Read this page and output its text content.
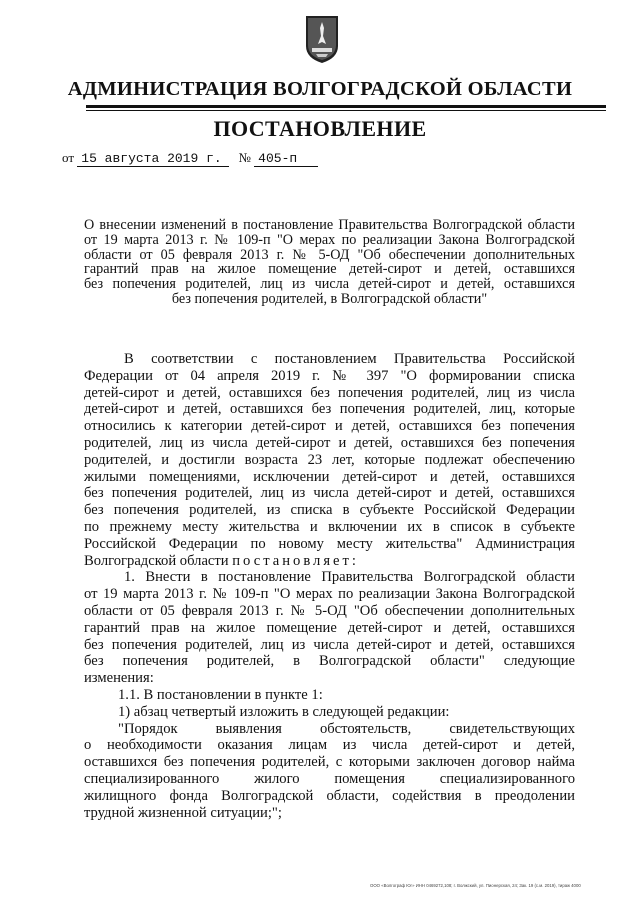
АДМИНИСТРАЦИЯ ВОЛГОГРАДСКОЙ ОБЛАСТИ
ПОСТАНОВЛЕНИЕ
от 15 августа 2019 г. № 405-п
О внесении изменений в постановление Правительства Волгоградской области
от 19 марта 2013 г. № 109-п "О мерах по реализации Закона Волгоградской
области от 05 февраля 2013 г. № 5-ОД "Об обеспечении дополнительных
гарантий прав на жилое помещение детей-сирот и детей, оставшихся
без попечения родителей, лиц из числа детей-сирот и детей, оставшихся
без попечения родителей, в Волгоградской области"
В соответствии с постановлением Правительства Российской
Федерации от 04 апреля 2019 г. № 397 "О формировании списка
детей-сирот и детей, оставшихся без попечения родителей, лиц из числа
детей-сирот и детей, оставшихся без попечения родителей, лиц, которые
относились к категории детей-сирот и детей, оставшихся без попечения
родителей, лиц из числа детей-сирот и детей, оставшихся без попечения
родителей, и достигли возраста 23 лет, которые подлежат обеспечению
жилыми помещениями, исключении детей-сирот и детей, оставшихся
без попечения родителей, лиц из числа детей-сирот и детей, оставшихся
без попечения родителей, из списка в субъекте Российской Федерации
по прежнему месту жительства и включении их в список в субъекте
Российской Федерации по новому месту жительства" Администрация
Волгоградской области постановляет:
1. Внести в постановление Правительства Волгоградской области
от 19 марта 2013 г. № 109-п "О мерах по реализации Закона Волгоградской
области от 05 февраля 2013 г. № 5-ОД "Об обеспечении дополнительных
гарантий прав на жилое помещение детей-сирот и детей, оставшихся
без попечения родителей, лиц из числа детей-сирот и детей, оставшихся
без попечения родителей, в Волгоградской области" следующие
изменения:
1.1. В постановлении в пункте 1:
1) абзац четвертый изложить в следующей редакции:
"Порядок выявления обстоятельств, свидетельствующих
о необходимости оказания лицам из числа детей-сирот и детей,
оставшихся без попечения родителей, с которыми заключен договор найма
специализированного жилого помещения специализированного
жилищного фонда Волгоградской области, содействия в преодолении
трудной жизненной ситуации;";
ООО «Волгограф Юг» ИНН 0469272,108; г. Волжский, ул. Пионерская, 24; Зак. 19 (с.м. 2019), тираж 4000
